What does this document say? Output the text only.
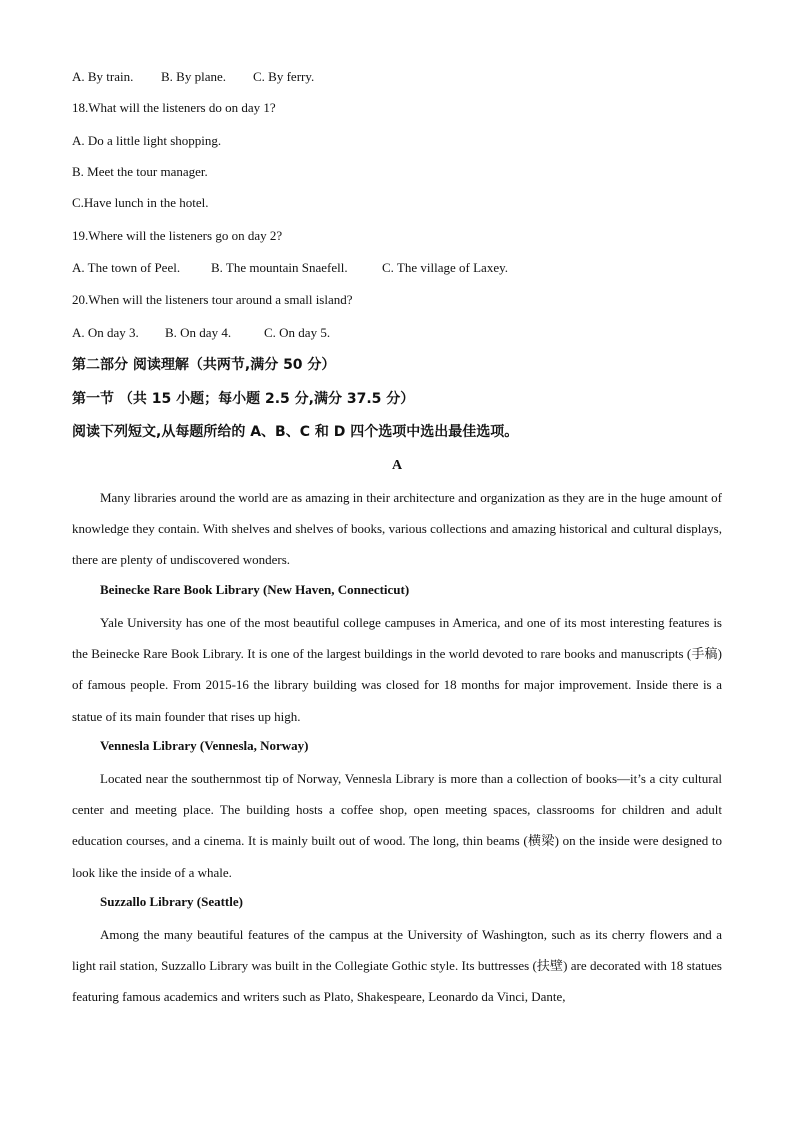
A. By train. B. By plane. C. By ferry.

18.What will the listeners do on day 1?

A. Do a little light shopping.

B. Meet the tour manager.

C.Have lunch in the hotel.

19.Where will the listeners go on day 2?

A. The town of Peel. B. The mountain Snaefell.	C. The village of Laxey.

20.When will the listeners tour around a small island?

A. On day 3. B. On day 4.	C. On day 5.

第二部分 阅读理解（共两节,满分 50 分）

第一节 （共 15 小题；每小题 2.5 分,满分 37.5 分）

阅读下列短文,从每题所给的 A、B、C 和 D 四个选项中选出最佳选项。

A

Many libraries around the world are as amazing in their architecture and organization as they are in the huge amount of knowledge they contain. With shelves and shelves of books, various collections and amazing historical and cultural displays, there are plenty of undiscovered wonders.

Beinecke Rare Book Library (New Haven, Connecticut)

Yale University has one of the most beautiful college campuses in America, and one of its most interesting features is the Beinecke Rare Book Library. It is one of the largest buildings in the world devoted to rare books and manuscripts (手稿) of famous people. From 2015-16 the library building was closed for 18 months for major improvement. Inside there is a statue of its main founder that rises up high.

Vennesla Library (Vennesla, Norway)

Located near the southernmost tip of Norway, Vennesla Library is more than a collection of books—it’s a city cultural center and meeting place. The building hosts a coffee shop, open meeting spaces, classrooms for children and adult education courses, and a cinema. It is mainly built out of wood. The long, thin beams (横梁) on the inside were designed to look like the inside of a whale.

Suzzallo Library (Seattle)

Among the many beautiful features of the campus at the University of Washington, such as its cherry flowers and a light rail station, Suzzallo Library was built in the Collegiate Gothic style. Its buttresses (扶壁) are decorated with 18 statues featuring famous academics and writers such as Plato, Shakespeare, Leonardo da Vinci, Dante,
